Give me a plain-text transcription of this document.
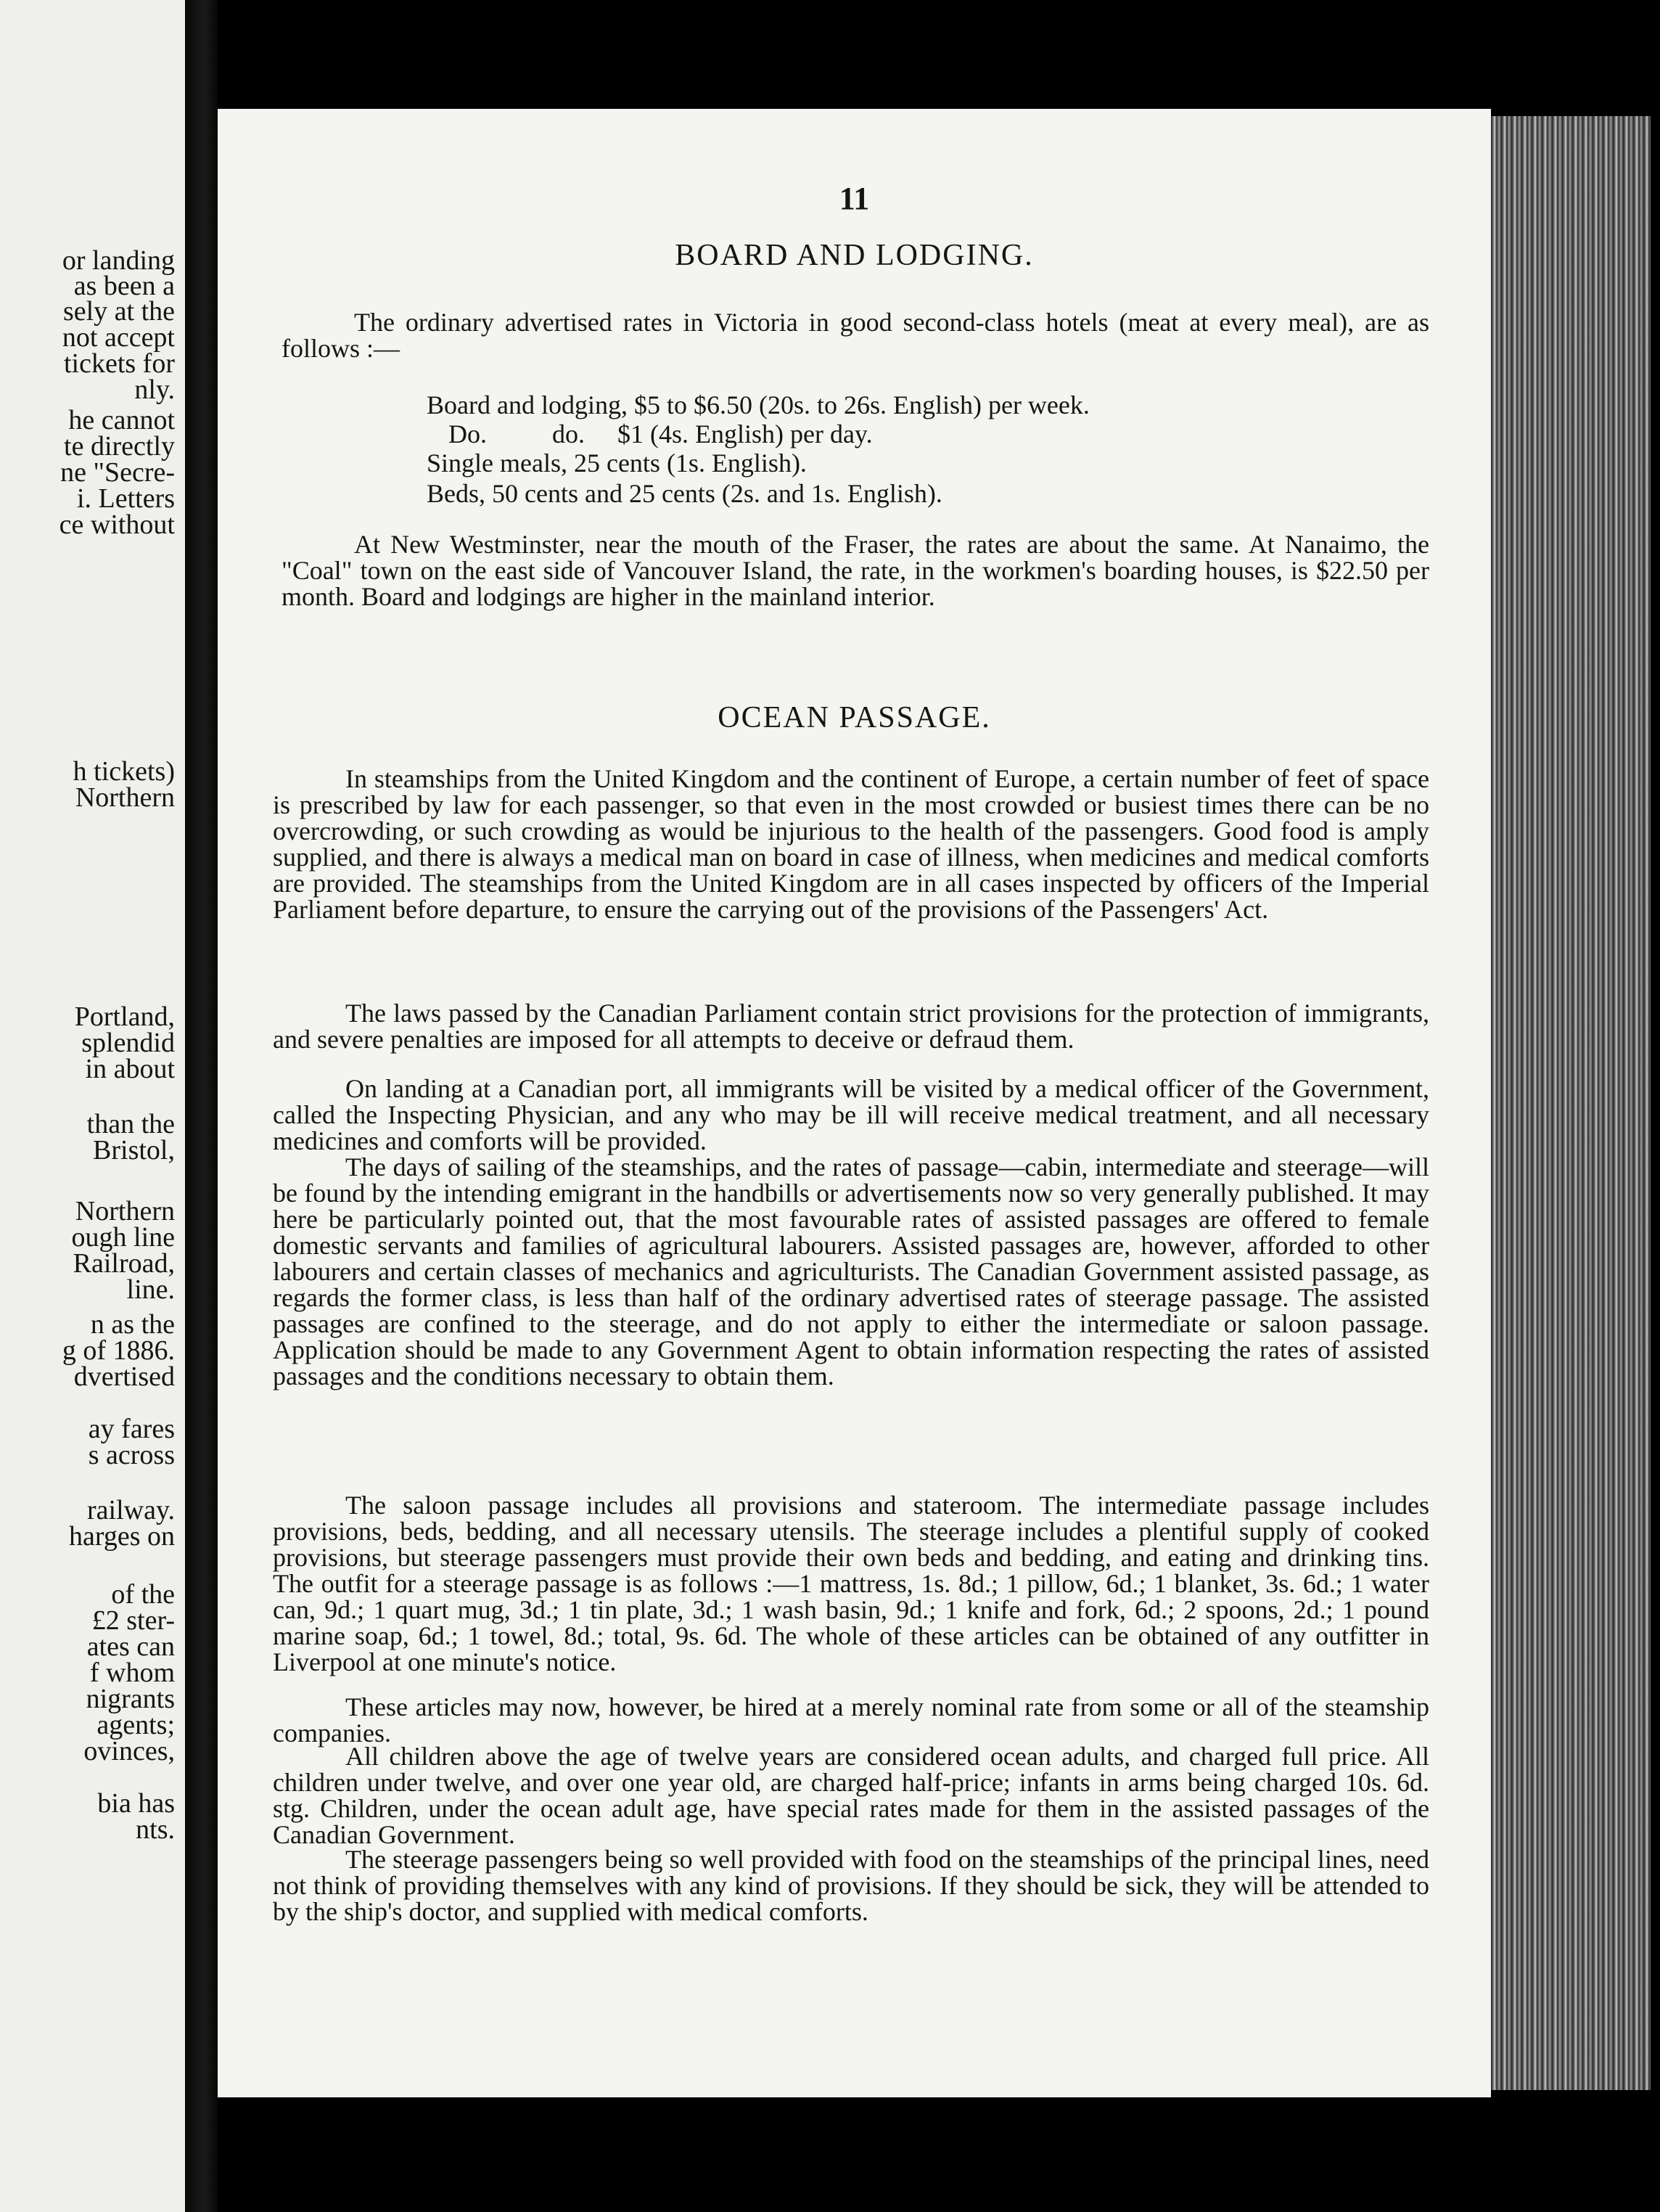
or landing
as been a
sely at the
not accept
tickets for
nly.
he cannot
te directly
ne "Secre-
i. Letters
ce without
h tickets)
Northern
Portland,
splendid
in about
than the
Bristol,
Northern
ough line
Railroad,
line.
n as the
g of 1886.
dvertised
ay fares
s across
railway.
harges on
of the
£2 ster-
ates can
f whom
nigrants
agents;
ovinces,
bia has
nts.
11
BOARD AND LODGING.

The ordinary advertised rates in Victoria in good second-class hotels (meat at every meal), are as follows :—

Board and lodging, $5 to $6.50 (20s. to 26s. English) per week.
Do.          do.     $1 (4s. English) per day.
Single meals, 25 cents (1s. English).
Beds, 50 cents and 25 cents (2s. and 1s. English).

At New Westminster, near the mouth of the Fraser, the rates are about the same. At Nanaimo, the "Coal" town on the east side of Vancouver Island, the rate, in the workmen's boarding houses, is $22.50 per month. Board and lodgings are higher in the mainland interior.

OCEAN PASSAGE.

In steamships from the United Kingdom and the continent of Europe, a certain number of feet of space is prescribed by law for each passenger, so that even in the most crowded or busiest times there can be no overcrowding, or such crowding as would be injurious to the health of the passengers. Good food is amply supplied, and there is always a medical man on board in case of illness, when medicines and medical comforts are provided. The steamships from the United Kingdom are in all cases inspected by officers of the Imperial Parliament before departure, to ensure the carrying out of the provisions of the Passengers' Act.

The laws passed by the Canadian Parliament contain strict provisions for the protection of immigrants, and severe penalties are imposed for all attempts to deceive or defraud them.

On landing at a Canadian port, all immigrants will be visited by a medical officer of the Government, called the Inspecting Physician, and any who may be ill will receive medical treatment, and all necessary medicines and comforts will be provided.

The days of sailing of the steamships, and the rates of passage—cabin, intermediate and steerage—will be found by the intending emigrant in the handbills or advertisements now so very generally published. It may here be particularly pointed out, that the most favourable rates of assisted passages are offered to female domestic servants and families of agricultural labourers. Assisted passages are, however, afforded to other labourers and certain classes of mechanics and agriculturists. The Canadian Government assisted passage, as regards the former class, is less than half of the ordinary advertised rates of steerage passage. The assisted passages are confined to the steerage, and do not apply to either the intermediate or saloon passage. Application should be made to any Government Agent to obtain information respecting the rates of assisted passages and the conditions necessary to obtain them.

The saloon passage includes all provisions and stateroom. The intermediate passage includes provisions, beds, bedding, and all necessary utensils. The steerage includes a plentiful supply of cooked provisions, but steerage passengers must provide their own beds and bedding, and eating and drinking tins. The outfit for a steerage passage is as follows :—1 mattress, 1s. 8d.; 1 pillow, 6d.; 1 blanket, 3s. 6d.; 1 water can, 9d.; 1 quart mug, 3d.; 1 tin plate, 3d.; 1 wash basin, 9d.; 1 knife and fork, 6d.; 2 spoons, 2d.; 1 pound marine soap, 6d.; 1 towel, 8d.; total, 9s. 6d. The whole of these articles can be obtained of any outfitter in Liverpool at one minute's notice.

These articles may now, however, be hired at a merely nominal rate from some or all of the steamship companies.

All children above the age of twelve years are considered ocean adults, and charged full price. All children under twelve, and over one year old, are charged half-price; infants in arms being charged 10s. 6d. stg. Children, under the ocean adult age, have special rates made for them in the assisted passages of the Canadian Government.

The steerage passengers being so well provided with food on the steamships of the principal lines, need not think of providing themselves with any kind of provisions. If they should be sick, they will be attended to by the ship's doctor, and supplied with medical comforts.
